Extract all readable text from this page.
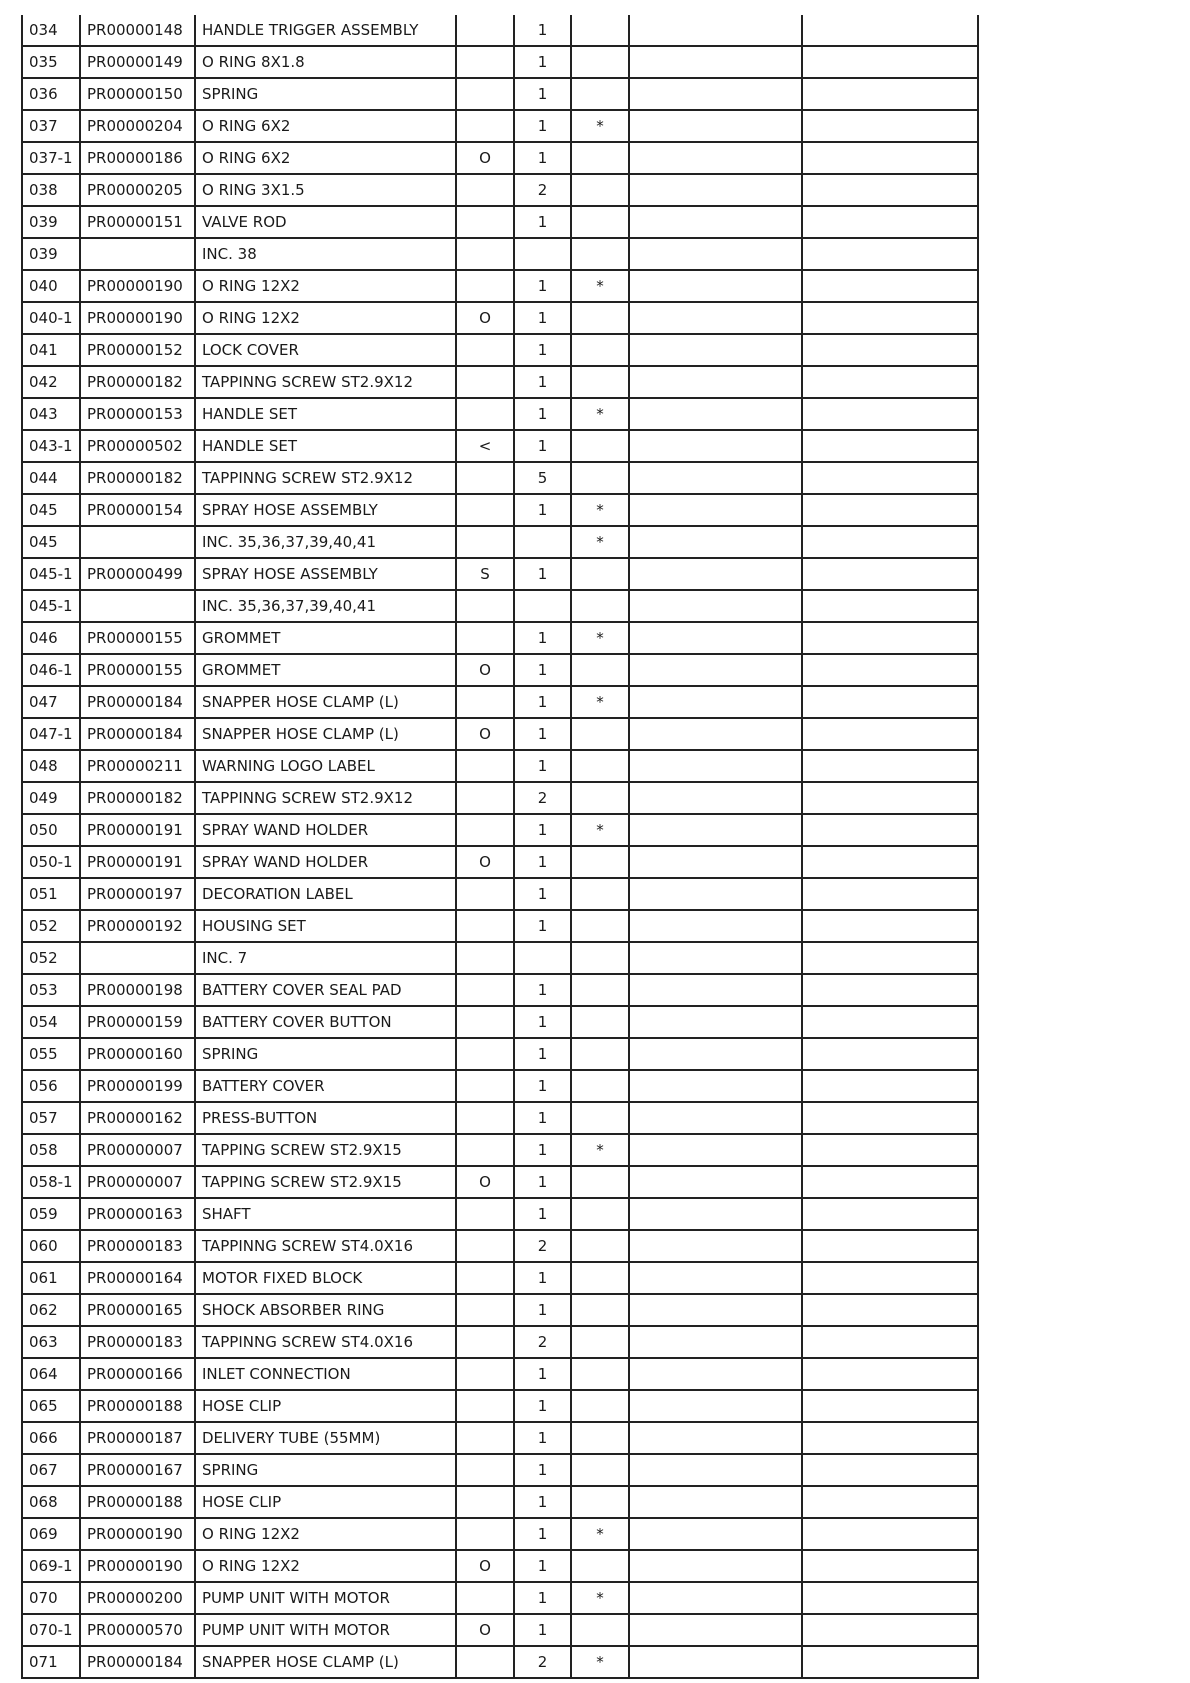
034	PR00000148	HANDLE TRIGGER ASSEMBLY		1			
035	PR00000149	O RING 8X1.8		1			
036	PR00000150	SPRING		1			
037	PR00000204	O RING 6X2		1	*		
037-1	PR00000186	O RING 6X2	O	1			
038	PR00000205	O RING 3X1.5		2			
039	PR00000151	VALVE ROD		1			
039		INC. 38					
040	PR00000190	O RING 12X2		1	*		
040-1	PR00000190	O RING 12X2	O	1			
041	PR00000152	LOCK COVER		1			
042	PR00000182	TAPPINNG SCREW ST2.9X12		1			
043	PR00000153	HANDLE SET		1	*		
043-1	PR00000502	HANDLE SET	<	1			
044	PR00000182	TAPPINNG SCREW ST2.9X12		5			
045	PR00000154	SPRAY HOSE ASSEMBLY		1	*		
045		INC. 35,36,37,39,40,41			*		
045-1	PR00000499	SPRAY HOSE ASSEMBLY	S	1			
045-1		INC. 35,36,37,39,40,41					
046	PR00000155	GROMMET		1	*		
046-1	PR00000155	GROMMET	O	1			
047	PR00000184	SNAPPER HOSE CLAMP (L)		1	*		
047-1	PR00000184	SNAPPER HOSE CLAMP (L)	O	1			
048	PR00000211	WARNING LOGO LABEL		1			
049	PR00000182	TAPPINNG SCREW ST2.9X12		2			
050	PR00000191	SPRAY WAND HOLDER		1	*		
050-1	PR00000191	SPRAY WAND HOLDER	O	1			
051	PR00000197	DECORATION LABEL		1			
052	PR00000192	HOUSING SET		1			
052		INC. 7					
053	PR00000198	BATTERY COVER SEAL PAD		1			
054	PR00000159	BATTERY COVER BUTTON		1			
055	PR00000160	SPRING		1			
056	PR00000199	BATTERY COVER		1			
057	PR00000162	PRESS-BUTTON		1			
058	PR00000007	TAPPING SCREW ST2.9X15		1	*		
058-1	PR00000007	TAPPING SCREW ST2.9X15	O	1			
059	PR00000163	SHAFT		1			
060	PR00000183	TAPPINNG SCREW ST4.0X16		2			
061	PR00000164	MOTOR FIXED BLOCK		1			
062	PR00000165	SHOCK ABSORBER RING		1			
063	PR00000183	TAPPINNG SCREW ST4.0X16		2			
064	PR00000166	INLET CONNECTION		1			
065	PR00000188	HOSE CLIP		1			
066	PR00000187	DELIVERY TUBE (55MM)		1			
067	PR00000167	SPRING		1			
068	PR00000188	HOSE CLIP		1			
069	PR00000190	O RING 12X2		1	*		
069-1	PR00000190	O RING 12X2	O	1			
070	PR00000200	PUMP UNIT WITH MOTOR		1	*		
070-1	PR00000570	PUMP UNIT WITH MOTOR	O	1			
071	PR00000184	SNAPPER HOSE CLAMP (L)		2	*		
